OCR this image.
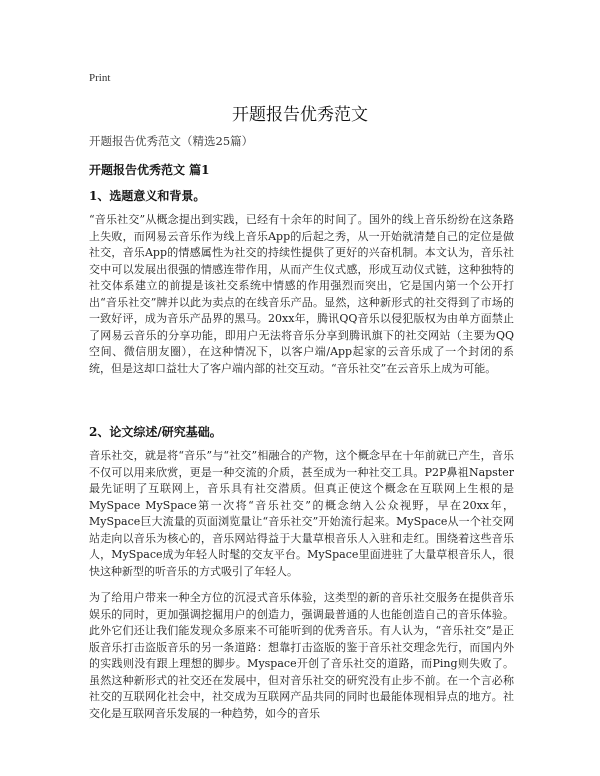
Print
开题报告优秀范文
开题报告优秀范文（精选25篇）
开题报告优秀范文 篇1
1、选题意义和背景。

“音乐社交”从概念提出到实践，已经有十余年的时间了。国外的线上音乐纷纷在这条路上失败，而网易云音乐作为线上音乐App的后起之秀，从一开始就清楚自己的定位是做社交，音乐App的情感属性为社交的持续性提供了更好的兴奋机制。本文认为，音乐社交中可以发展出很强的情感连带作用，从而产生仪式感，形成互动仪式链，这种独特的社交体系建立的前提是该社交系统中情感的作用强烈而突出，它是国内第一个公开打出“音乐社交”牌并以此为卖点的在线音乐产品。显然，这种新形式的社交得到了市场的一致好评，成为音乐产品界的黑马。20xx年，腾讯QQ音乐以侵犯版权为由单方面禁止了网易云音乐的分享功能，即用户无法将音乐分享到腾讯旗下的社交网站（主要为QQ空间、微信朋友圈），在这种情况下，以客户端/App起家的云音乐成了一个封闭的系统，但是这却口益壮大了客户端内部的社交互动。“音乐社交”在云音乐上成为可能。

2、论文综述/研究基础。

音乐社交，就是将“音乐”与“社交”相融合的产物，这个概念早在十年前就已产生，音乐不仅可以用来欣赏，更是一种交流的介质，甚至成为一种社交工具。P2P鼻祖Napster最先证明了互联网上，音乐具有社交潜质。但真正使这个概念在互联网上生根的是MySpace MySpace第一次将“音乐社交”的概念纳入公众视野，早在20xx年，MySpace巨大流量的页面浏览量让“音乐社交”开始流行起来。MySpace从一个社交网站走向以音乐为核心的，音乐网站得益于大量草根音乐人入驻和走红。围绕着这些音乐人，MySpace成为年轻人时髦的交友平台。MySpace里面进驻了大量草根音乐人，很快这种新型的听音乐的方式吸引了年轻人。

为了给用户带来一种全方位的沉浸式音乐体验，这类型的新的音乐社交服务在提供音乐娱乐的同时，更加强调挖掘用户的创造力，强调最普通的人也能创造自己的音乐体验。此外它们还让我们能发现众多原来不可能听到的优秀音乐。有人认为，“音乐社交”是正版音乐打击盗版音乐的另一条道路：想靠打击盗版的鉴于音乐社交理念先行，而国内外的实践则没有跟上理想的脚步。Myspace开创了音乐社交的道路，而Ping则失败了。虽然这种新形式的社交还在发展中，但对音乐社交的研究没有止步不前。在一个言必称社交的互联网化社会中，社交成为互联网产品共同的同时也最能体现相异点的地方。社交化是互联网音乐发展的一种趋势，如今的音乐
